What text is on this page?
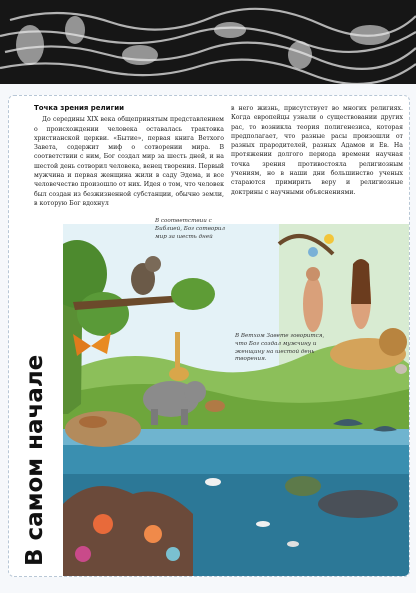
В самом начале
Точка зрения религии

До середины XIX века общепринятым представлением о происхождении человека оставалась трактовка христианской церкви. «Бытие», первая книга Ветхого Завета, содержит миф о сотворении мира. В соответствии с ним, Бог создал мир за шесть дней, и на шестой день сотворил человека, венец творения. Первый мужчина и первая женщина жили в саду Эдема, и все человечество произошло от них. Идея о том, что человек был создан из безжизненной субстанции, обычно земли, в которую Бог вдохнул

в него жизнь, присутствует во многих религиях. Когда европейцы узнали о существовании других рас, то возникла теория полигенезиса, которая предполагает, что разные расы произошли от разных прародителей, разных Адамов и Ев. На протяжении долгого периода времени научная точка зрения противостояла религиозным учениям, но в наши дни большинство ученых стараются примирить веру и религиозные доктрины с научными объяснениями.

В соответствии с Библией, Бог сотворил мир за шесть дней
В Ветхом Завете говорится, что Бог создал мужчину и женщину на шестой день творения.
